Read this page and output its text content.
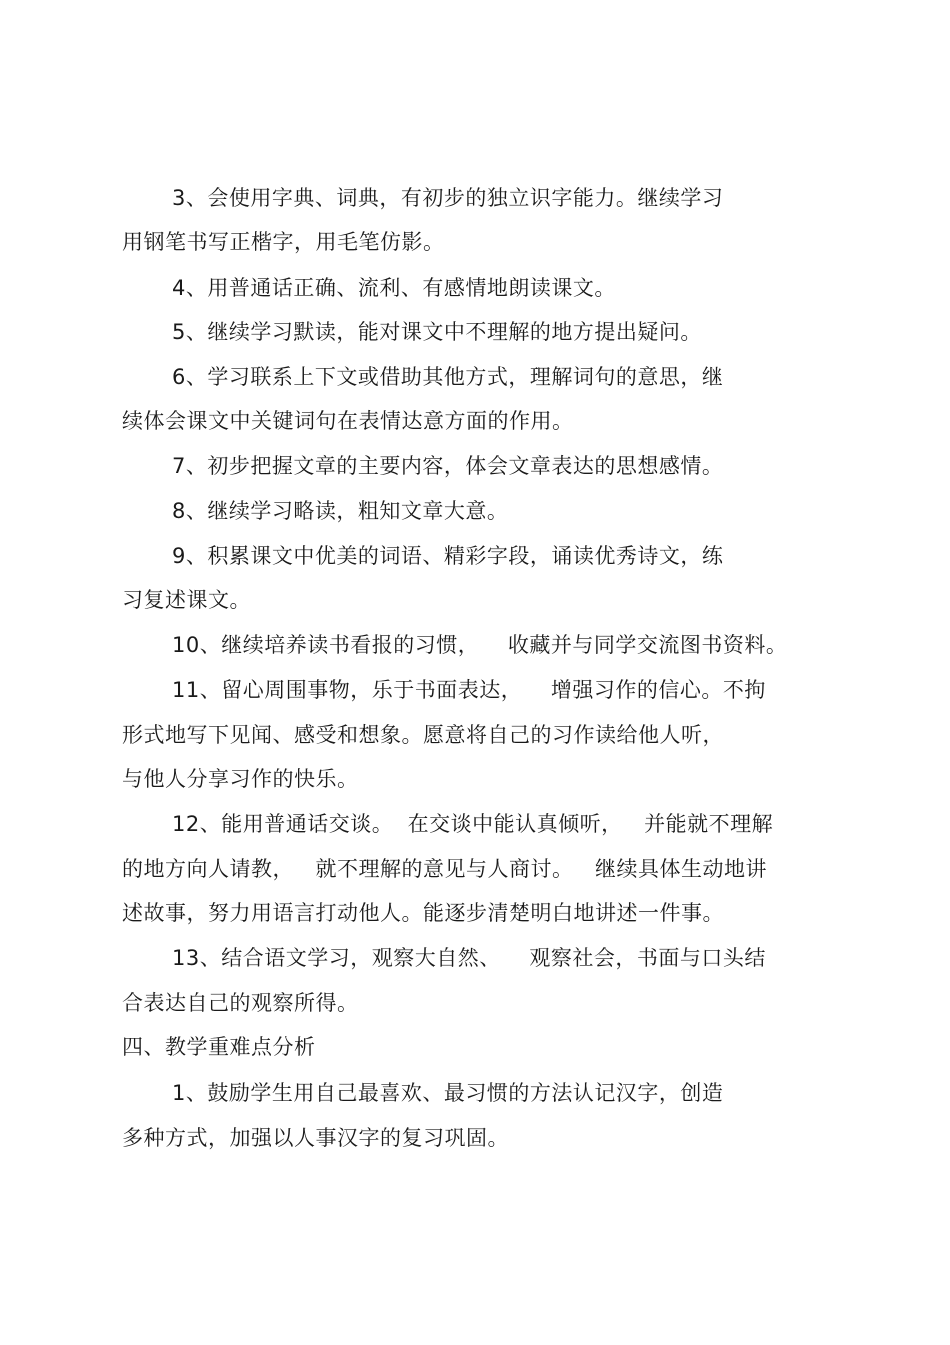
3、会使用字典、词典，有初步的独立识字能力。继续学习
用钢笔书写正楷字，用毛笔仿影。
4、用普通话正确、流利、有感情地朗读课文。
5、继续学习默读，能对课文中不理解的地方提出疑问。
6、学习联系上下文或借助其他方式，理解词句的意思，继
续体会课文中关键词句在表情达意方面的作用。
7、初步把握文章的主要内容，体会文章表达的思想感情。
8、继续学习略读，粗知文章大意。
9、积累课文中优美的词语、精彩字段，诵读优秀诗文，练
习复述课文。
10、继续培养读书看报的习惯，    收藏并与同学交流图书资料。
11、留心周围事物，乐于书面表达，    增强习作的信心。不拘
形式地写下见闻、感受和想象。愿意将自己的习作读给他人听，
与他人分享习作的快乐。
12、能用普通话交谈。  在交谈中能认真倾听，   并能就不理解
的地方向人请教，   就不理解的意见与人商讨。   继续具体生动地讲
述故事，努力用语言打动他人。能逐步清楚明白地讲述一件事。
13、结合语文学习，观察大自然、    观察社会，书面与口头结
合表达自己的观察所得。
四、教学重难点分析
1、鼓励学生用自己最喜欢、最习惯的方法认记汉字，创造
多种方式，加强以人事汉字的复习巩固。
